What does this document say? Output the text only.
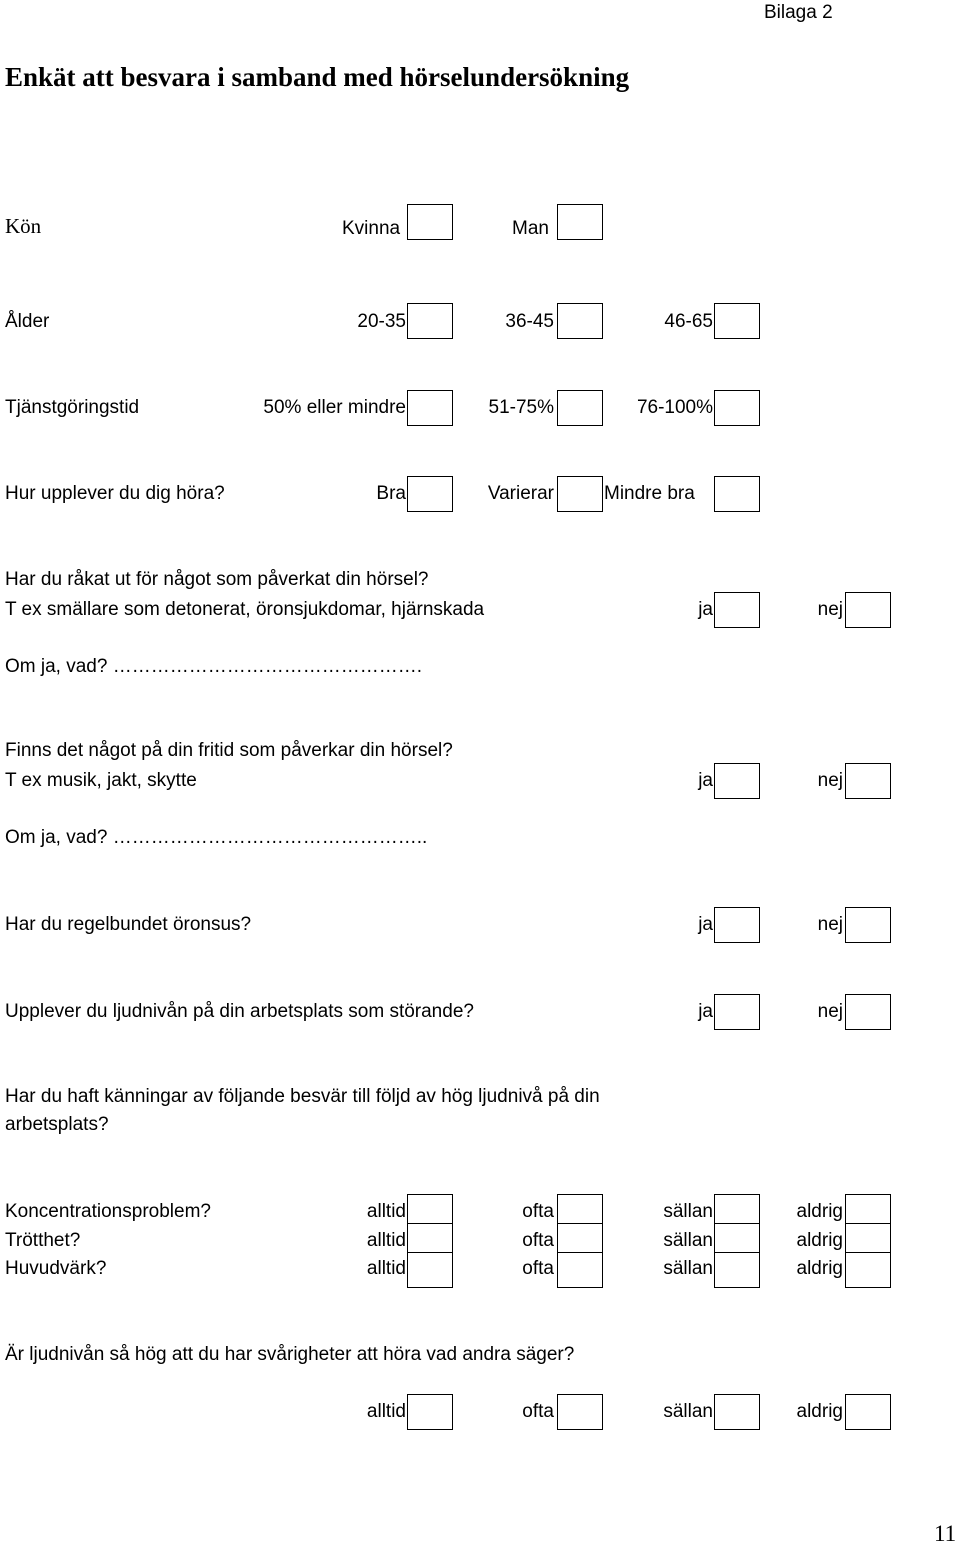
Bilaga 2
Enkät att besvara i samband med hörselundersökning
Kön	Kvinna	Man
Ålder	20-35	36-45	46-65
Tjänstgöringstid	50% eller mindre	51-75%	76-100%
Hur upplever du dig höra?	Bra	Varierar	Mindre bra
Har du råkat ut för något som påverkat din hörsel?
T ex smällare som detonerat, öronsjukdomar, hjärnskada	ja	nej
Om ja, vad? ………………………………………….
Finns det något på din fritid som påverkar din hörsel?
T ex musik, jakt, skytte	ja	nej
Om ja, vad? …………………………………………..
Har du regelbundet öronsus?	ja	nej
Upplever du ljudnivån på din arbetsplats som störande?	ja	nej
Har du haft känningar av följande besvär till följd av hög ljudnivå på din
arbetsplats?
Koncentrationsproblem?	alltid	ofta	sällan	aldrig
Trötthet?	alltid	ofta	sällan	aldrig
Huvudvärk?	alltid	ofta	sällan	aldrig
Är ljudnivån så hög att du har svårigheter att höra vad andra säger?
alltid	ofta	sällan	aldrig
11
